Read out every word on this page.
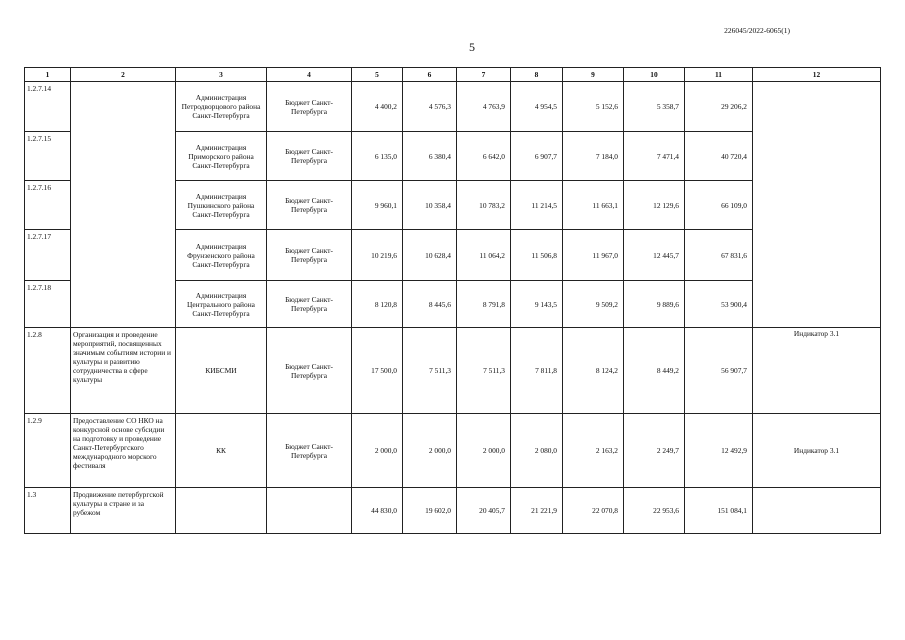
226045/2022-6065(1)
5
1	2	3	4	5	6	7	8	9	10	11	12
1.2.7.14		Администрация Петродворцового района Санкт-Петербурга	Бюджет Санкт-Петербурга	4 400,2	4 576,3	4 763,9	4 954,5	5 152,6	5 358,7	29 206,2	
1.2.7.15		Администрация Приморского района Санкт-Петербурга	Бюджет Санкт-Петербурга	6 135,0	6 380,4	6 642,0	6 907,7	7 184,0	7 471,4	40 720,4	
1.2.7.16		Администрация Пушкинского района Санкт-Петербурга	Бюджет Санкт-Петербурга	9 960,1	10 358,4	10 783,2	11 214,5	11 663,1	12 129,6	66 109,0	
1.2.7.17		Администрация Фрунзенского района Санкт-Петербурга	Бюджет Санкт-Петербурга	10 219,6	10 628,4	11 064,2	11 506,8	11 967,0	12 445,7	67 831,6	
1.2.7.18		Администрация Центрального района Санкт-Петербурга	Бюджет Санкт-Петербурга	8 120,8	8 445,6	8 791,8	9 143,5	9 509,2	9 889,6	53 900,4	
1.2.8	Организация и проведение мероприятий, посвященных значимым событиям истории и культуры и развитию сотрудничества в сфере культуры	КИБСМИ	Бюджет Санкт-Петербурга	17 500,0	7 511,3	7 511,3	7 811,8	8 124,2	8 449,2	56 907,7	Индикатор 3.1
1.2.9	Предоставление СО НКО на конкурсной основе субсидии на подготовку и проведение Санкт-Петербургского международного морского фестиваля	КК	Бюджет Санкт-Петербурга	2 000,0	2 000,0	2 000,0	2 080,0	2 163,2	2 249,7	12 492,9	Индикатор 3.1
1.3	Продвижение петербургской культуры в стране и за рубежом			44 830,0	19 602,0	20 405,7	21 221,9	22 070,8	22 953,6	151 084,1	
